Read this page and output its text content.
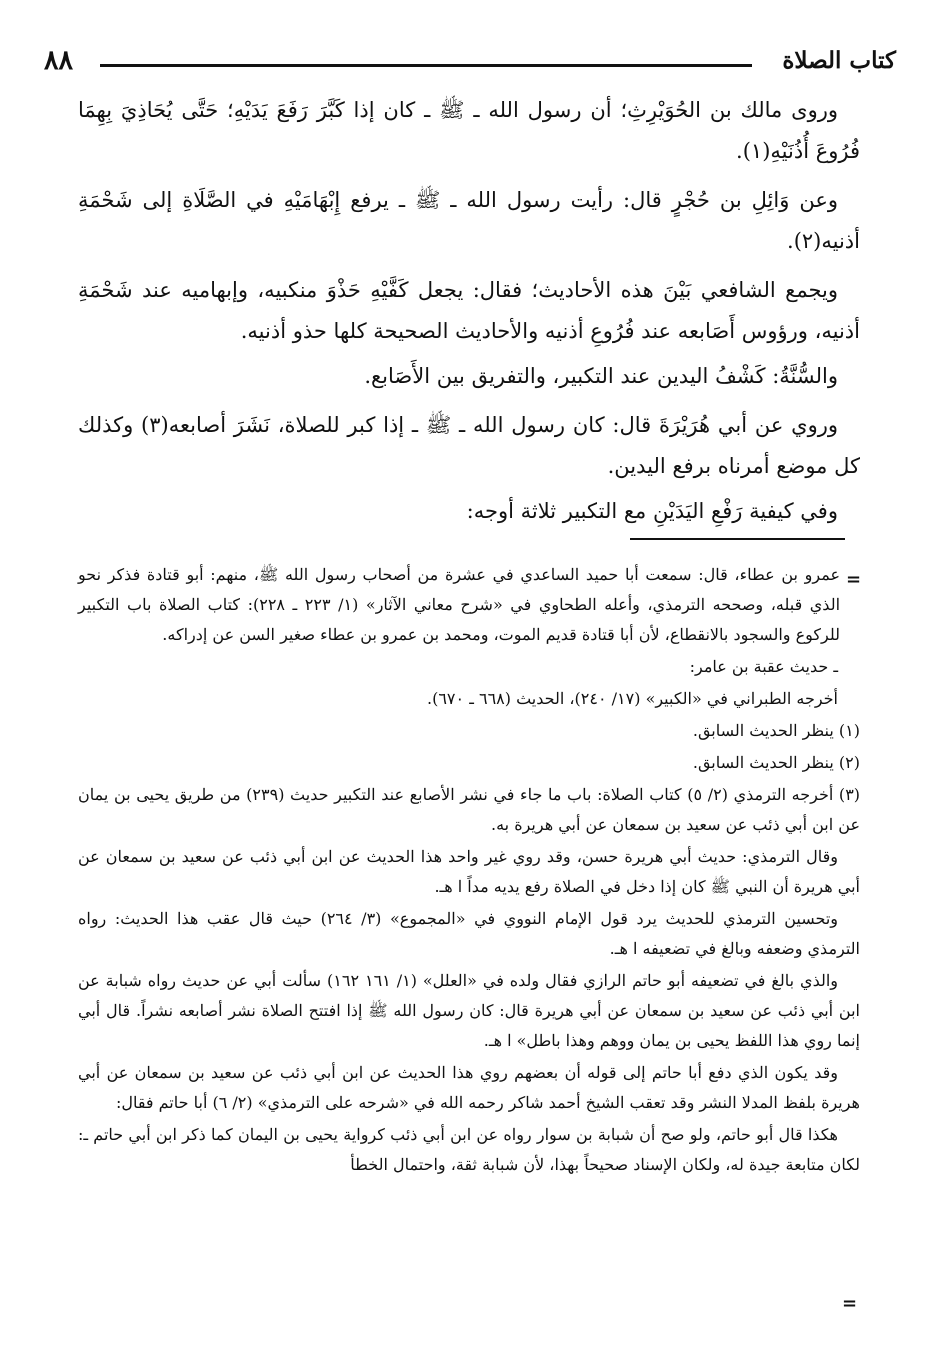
٨٨	كتاب الصلاة

وروى مالك بن الحُوَيْرِثِ؛ أن رسول الله ـ ﷺ ـ كان إذا كَبَّرَ رَفَعَ يَدَيْهِ؛ حَتَّى يُحَاذِيَ بِهِمَا فُرُوعَ أُذُنَيْهِ(١).

وعن وَائِلِ بن حُجْرٍ قال: رأيت رسول الله ـ ﷺ ـ يرفع إِبْهَامَيْهِ في الصَّلَاةِ إلى شَحْمَةِ أذنيه(٢).

ويجمع الشافعي بَيْنَ هذه الأحاديث؛ فقال: يجعل كَفَّيْهِ حَذْوَ منكبيه، وإبهاميه عند شَحْمَةِ أذنيه، ورؤوس أَصَابعه عند فُرُوعِ أذنيه والأحاديث الصحيحة كلها حذو أذنيه.

والسُّنَّةُ: كَشْفُ اليدين عند التكبير، والتفريق بين الأَصَابع.

وروي عن أبي هُرَيْرَةَ قال: كان رسول الله ـ ﷺ ـ إذا كبر للصلاة، نَشَرَ أصابعه(٣) وكذلك كل موضع أمرناه برفع اليدين.

وفي كيفية رَفْعِ اليَدَيْنِ مع التكبير ثلاثة أوجه:

=

عمرو بن عطاء، قال: سمعت أبا حميد الساعدي في عشرة من أصحاب رسول الله ﷺ، منهم: أبو قتادة فذكر نحو الذي قبله، وصححه الترمذي، وأعله الطحاوي في «شرح معاني الآثار» (١/ ٢٢٣ ـ ٢٢٨): كتاب الصلاة باب التكبير للركوع والسجود بالانقطاع، لأن أبا قتادة قديم الموت، ومحمد بن عمرو بن عطاء صغير السن عن إدراكه.

ـ حديث عقبة بن عامر:

أخرجه الطبراني في «الكبير» (١٧/ ٢٤٠)، الحديث (٦٦٨ ـ ٦٧٠).

(١) ينظر الحديث السابق.

(٢) ينظر الحديث السابق.

(٣) أخرجه الترمذي (٢/ ٥) كتاب الصلاة: باب ما جاء في نشر الأصابع عند التكبير حديث (٢٣٩) من طريق يحيى بن يمان عن ابن أبي ذئب عن سعيد بن سمعان عن أبي هريرة به.

وقال الترمذي: حديث أبي هريرة حسن، وقد روي غير واحد هذا الحديث عن ابن أبي ذئب عن سعيد بن سمعان عن أبي هريرة أن النبي ﷺ كان إذا دخل في الصلاة رفع يديه مداً ا هـ.

وتحسين الترمذي للحديث يرد قول الإمام النووي في «المجموع» (٣/ ٢٦٤) حيث قال عقب هذا الحديث: رواه الترمذي وضعفه وبالغ في تضعيفه ا هـ.

والذي بالغ في تضعيفه أبو حاتم الرازي فقال ولده في «العلل» (١/ ١٦١ ١٦٢) سألت أبي عن حديث رواه شبابة عن ابن أبي ذئب عن سعيد بن سمعان عن أبي هريرة قال: كان رسول الله ﷺ إذا افتتح الصلاة نشر أصابعه نشراً. قال أبي إنما روي هذا اللفظ يحيى بن يمان ووهم وهذا باطل» ا هـ.

وقد يكون الذي دفع أبا حاتم إلى قوله أن بعضهم روي هذا الحديث عن ابن أبي ذئب عن سعيد بن سمعان عن أبي هريرة بلفظ المدلا النشر وقد تعقب الشيخ أحمد شاكر رحمه الله في «شرحه على الترمذي» (٢/ ٦) أبا حاتم فقال:

هكذا قال أبو حاتم، ولو صح أن شبابة بن سوار رواه عن ابن أبي ذئب كرواية يحيى بن اليمان كما ذكر ابن أبي حاتم ـ: لكان متابعة جيدة له، ولكان الإسناد صحيحاً بهذا، لأن شبابة ثقة، واحتمال الخطأ

=
